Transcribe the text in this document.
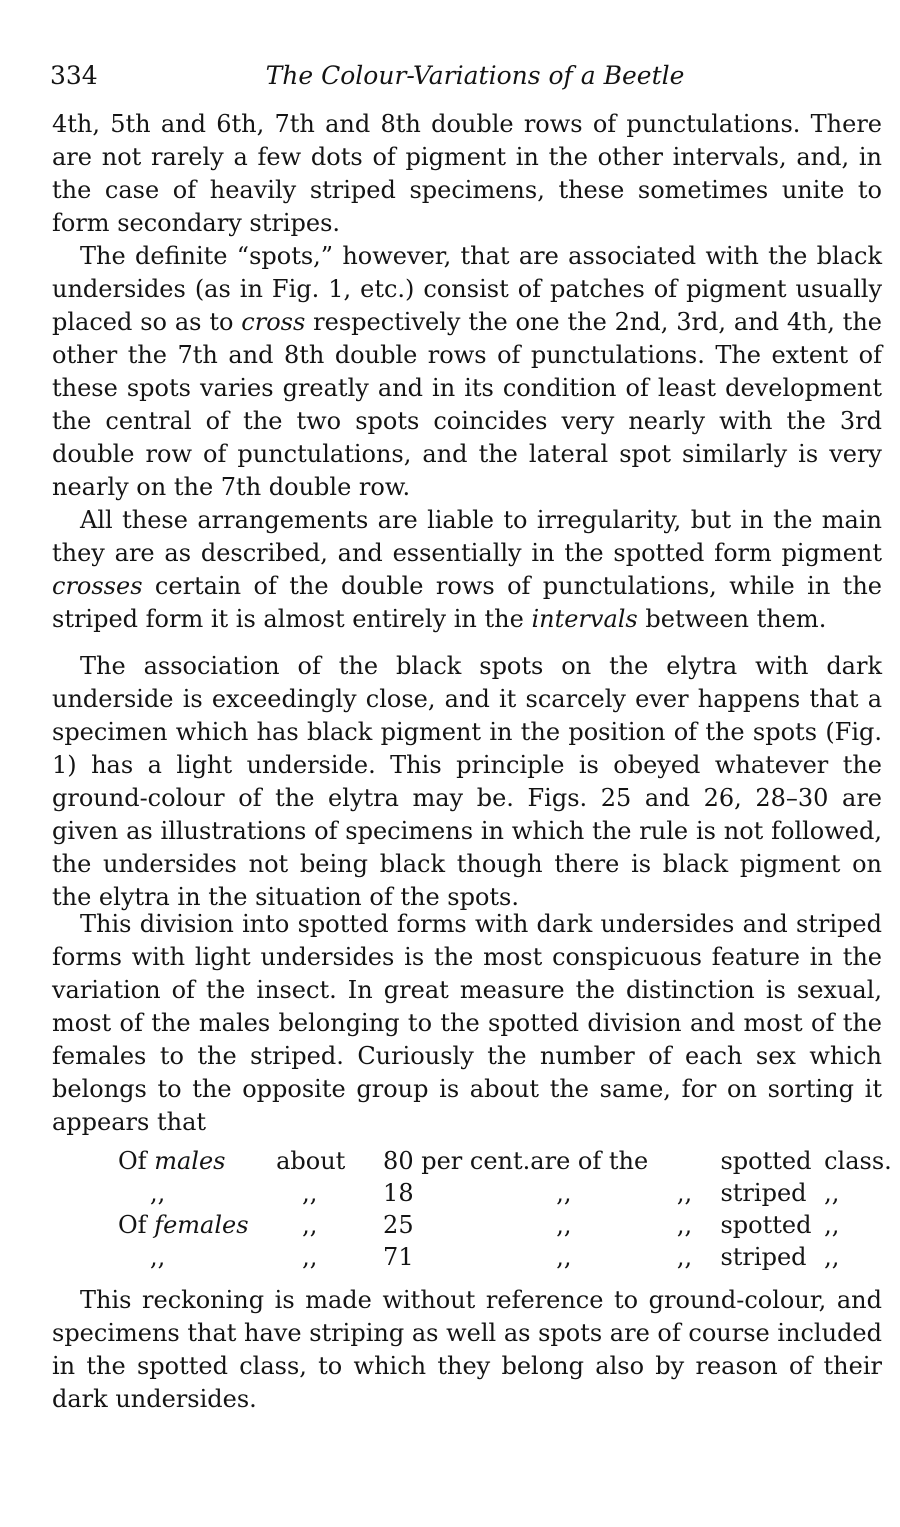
334	The Colour-Variations of a Beetle

4th, 5th and 6th, 7th and 8th double rows of punctulations. There are not rarely a few dots of pigment in the other intervals, and, in the case of heavily striped specimens, these sometimes unite to form secondary stripes.

The definite “spots,” however, that are associated with the black undersides (as in Fig. 1, etc.) consist of patches of pigment usually placed so as to cross respectively the one the 2nd, 3rd, and 4th, the other the 7th and 8th double rows of punctulations. The extent of these spots varies greatly and in its condition of least development the central of the two spots coincides very nearly with the 3rd double row of punctulations, and the lateral spot similarly is very nearly on the 7th double row.

All these arrangements are liable to irregularity, but in the main they are as described, and essentially in the spotted form pigment crosses certain of the double rows of punctulations, while in the striped form it is almost entirely in the intervals between them.

The association of the black spots on the elytra with dark underside is exceedingly close, and it scarcely ever happens that a specimen which has black pigment in the position of the spots (Fig. 1) has a light underside. This principle is obeyed whatever the ground-colour of the elytra may be. Figs. 25 and 26, 28–30 are given as illustrations of specimens in which the rule is not followed, the undersides not being black though there is black pigment on the elytra in the situation of the spots.

This division into spotted forms with dark undersides and striped forms with light undersides is the most conspicuous feature in the variation of the insect. In great measure the distinction is sexual, most of the males belonging to the spotted division and most of the females to the striped. Curiously the number of each sex which belongs to the opposite group is about the same, for on sorting it appears that

Of males	about	80 per cent.	are of the		spotted	class.
,,	,,	18	,,	,,	striped	,,
Of females	,,	25	,,	,,	spotted	,,
,,	,,	71	,,	,,	striped	,,

This reckoning is made without reference to ground-colour, and specimens that have striping as well as spots are of course included in the spotted class, to which they belong also by reason of their dark undersides.
